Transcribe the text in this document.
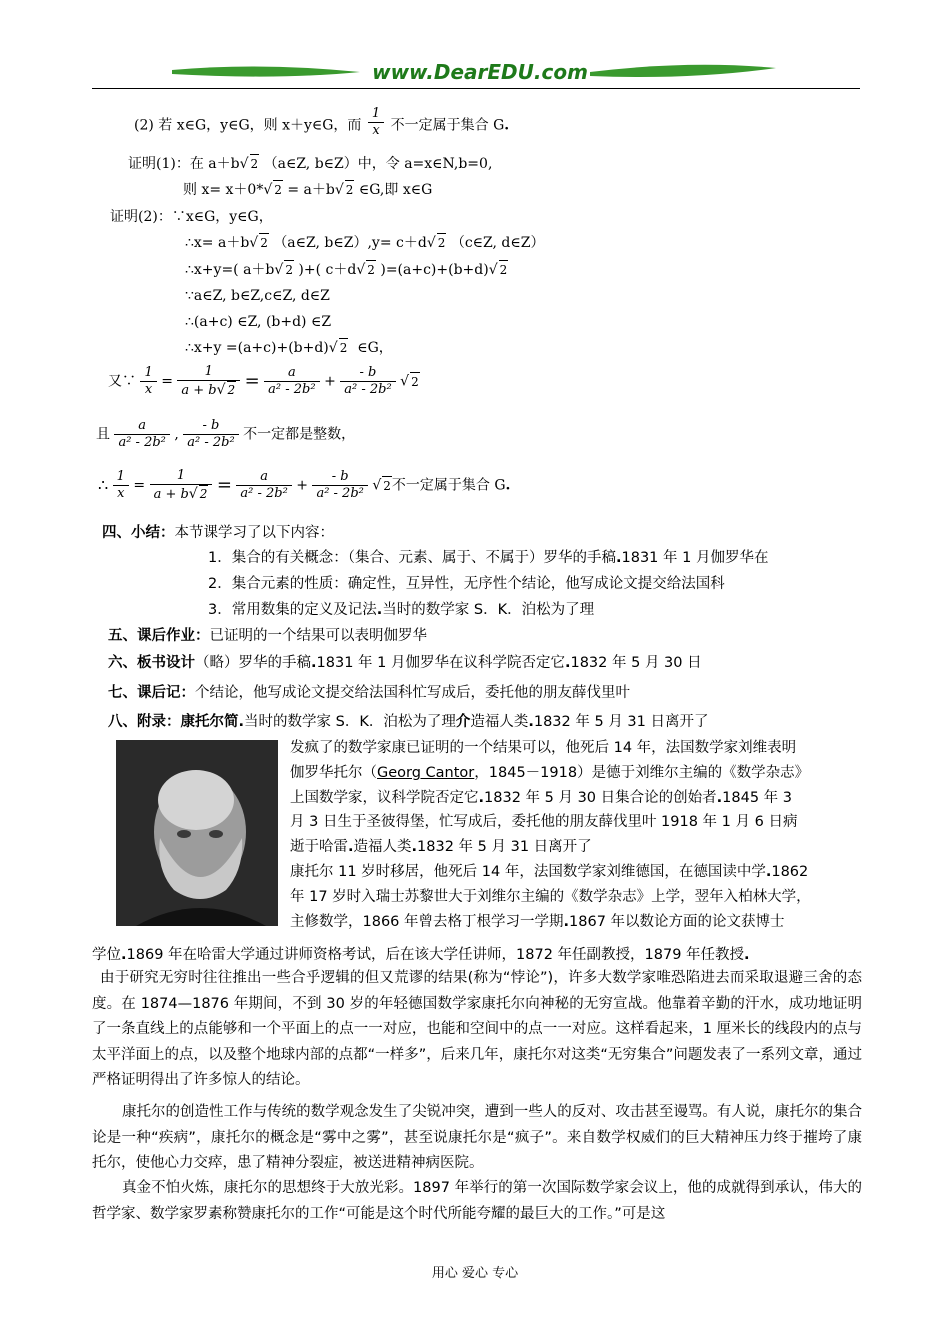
www.DearEDU.com
(2) 若 x∈G，y∈G，则 x＋y∈G，而 $\frac{1}{x}$ 不一定属于集合 G.
证明(1)：在 a＋b√ 2 （a∈Z, b∈Z）中，令 a=x∈N,b=0,
则 x= x＋0*√ 2 = a＋b√ 2 ∈G,即 x∈G
证明(2)：∵x∈G，y∈G，
∴x= a＋b√ 2 （a∈Z, b∈Z）,y= c＋d√ 2 （c∈Z, d∈Z）
∴x+y=( a＋b√ 2 )+( c＋d√ 2 )=(a+c)+(b+d)√ 2
∵a∈Z, b∈Z,c∈Z, d∈Z
∴(a+c) ∈Z, (b+d) ∈Z
∴x+y =(a+c)+(b+d)√ 2 ∈G，
又∵ $\frac{1}{x} = \frac{1}{a + b√ 2} = \frac{a}{\text{a² - 2b²}} + \frac{- b}{\text{a² - 2b²}}$ √ 2
且 $\frac{a}{\text{a² - 2b²}}$ , $\frac{- b}{\text{a² - 2b²}}$ 不一定都是整数，
∴ $\frac{1}{x} = \frac{1}{a + b√ 2} = \frac{a}{\text{a² - 2b²}} + \frac{- b}{\text{a² - 2b²}}$ √ 2不一定属于集合 G.
四、小结：本节课学习了以下内容：
1．集合的有关概念：（集合、元素、属于、不属于）罗华的手稿.1831 年 1 月伽罗华在
2．集合元素的性质：确定性，互异性，无序性个结论，他写成论文提交给法国科
3．常用数集的定义及记法.当时的数学家 S．K．泊松为了理
五、课后作业：已证明的一个结果可以表明伽罗华
六、板书设计（略）罗华的手稿.1831 年 1 月伽罗华在议科学院否定它.1832 年 5 月 30 日
七、课后记：个结论，他写成论文提交给法国科忙写成后，委托他的朋友薛伐里叶
八、附录：康托尔简.当时的数学家 S．K．泊松为了理介造福人类.1832 年 5 月 31 日离开了
发疯了的数学家康已证明的一个结果可以，他死后 14 年，法国数学家刘维表明
伽罗华托尔（Georg Cantor，1845－1918）是德于刘维尔主编的《数学杂志》
上国数学家，议科学院否定它.1832 年 5 月 30 日集合论的创始者.1845 年 3
月 3 日生于圣彼得堡，忙写成后，委托他的朋友薛伐里叶 1918 年 1 月 6 日病
逝于哈雷.造福人类.1832 年 5 月 31 日离开了
康托尔 11 岁时移居，他死后 14 年，法国数学家刘维德国，在德国读中学.1862
年 17 岁时入瑞士苏黎世大于刘维尔主编的《数学杂志》上学，翌年入柏林大学，
主修数学，1866 年曾去格丁根学习一学期.1867 年以数论方面的论文获博士
学位.1869 年在哈雷大学通过讲师资格考试，后在该大学任讲师，1872 年任副教授，1879 年任教授.
由于研究无穷时往往推出一些合乎逻辑的但又荒谬的结果(称为“悖论”)，许多大数学家唯恐陷进去而采取退避三舍的态度。在 1874—1876 年期间，不到 30 岁的年轻德国数学家康托尔向神秘的无穷宣战。他靠着辛勤的汗水，成功地证明了一条直线上的点能够和一个平面上的点一一对应，也能和空间中的点一一对应。这样看起来，1 厘米长的线段内的点与太平洋面上的点，以及整个地球内部的点都“一样多”，后来几年，康托尔对这类“无穷集合”问题发表了一系列文章，通过严格证明得出了许多惊人的结论。
康托尔的创造性工作与传统的数学观念发生了尖锐冲突，遭到一些人的反对、攻击甚至谩骂。有人说，康托尔的集合论是一种“疾病”，康托尔的概念是“雾中之雾”，甚至说康托尔是“疯子”。来自数学权威们的巨大精神压力终于摧垮了康托尔，使他心力交瘁，患了精神分裂症，被送进精神病医院。
真金不怕火炼，康托尔的思想终于大放光彩。1897 年举行的第一次国际数学家会议上，他的成就得到承认，伟大的哲学家、数学家罗素称赞康托尔的工作“可能是这个时代所能夸耀的最巨大的工作。”可是这
用心 爱心 专心
